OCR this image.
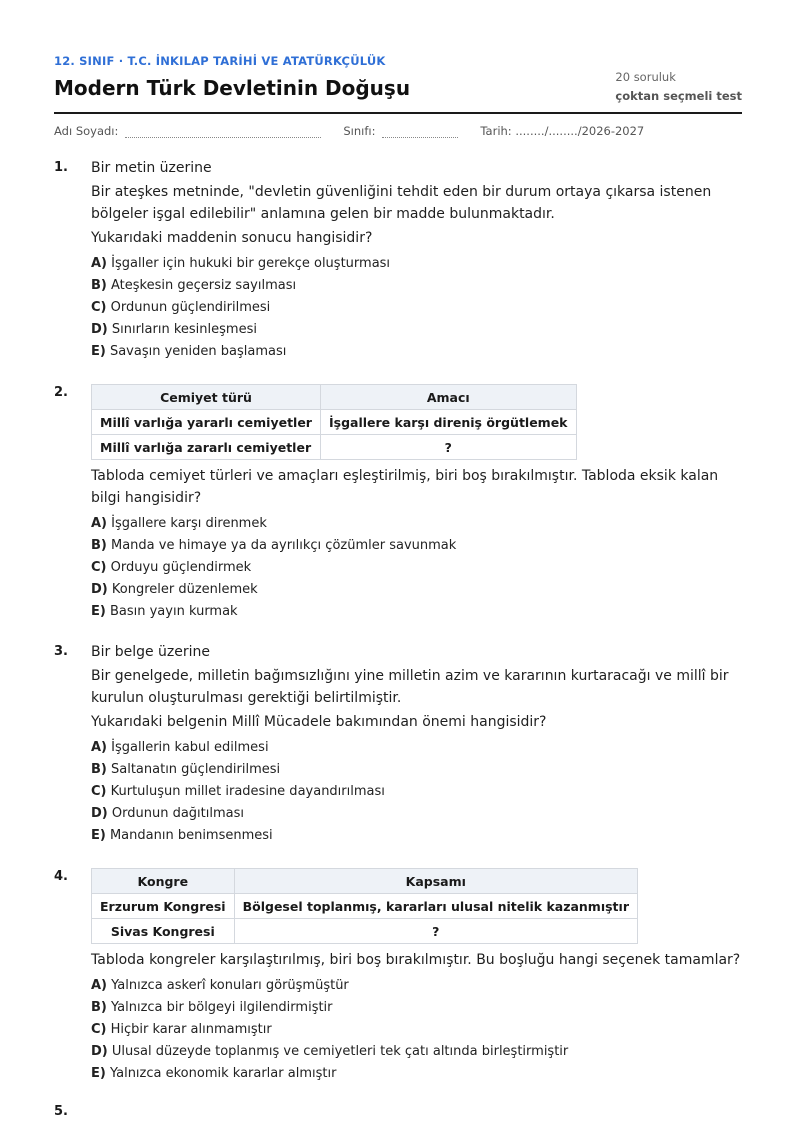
12. SINIF · T.C. İNKILAP TARİHİ VE ATATÜRKÇÜLÜK
Modern Türk Devletinin Doğuşu	20 soruluk
çoktan seçmeli test
Adı Soyadı:	Sınıfı:	Tarih: ......../......../2026-2027
1. Bir metin üzerine
Bir ateşkes metninde, "devletin güvenliğini tehdit eden bir durum ortaya çıkarsa istenen bölgeler işgal edilebilir" anlamına gelen bir madde bulunmaktadır.
Yukarıdaki maddenin sonucu hangisidir?
A) İşgaller için hukuki bir gerekçe oluşturması
B) Ateşkesin geçersiz sayılması
C) Ordunun güçlendirilmesi
D) Sınırların kesinleşmesi
E) Savaşın yeniden başlaması
2.	Cemiyet türü	Amacı
Millî varlığa yararlı cemiyetler	İşgallere karşı direniş örgütlemek
Millî varlığa zararlı cemiyetler	?
Tabloda cemiyet türleri ve amaçları eşleştirilmiş, biri boş bırakılmıştır. Tabloda eksik kalan bilgi hangisidir?
A) İşgallere karşı direnmek
B) Manda ve himaye ya da ayrılıkçı çözümler savunmak
C) Orduyu güçlendirmek
D) Kongreler düzenlemek
E) Basın yayın kurmak
3. Bir belge üzerine
Bir genelgede, milletin bağımsızlığını yine milletin azim ve kararının kurtaracağı ve millî bir kurulun oluşturulması gerektiği belirtilmiştir.
Yukarıdaki belgenin Millî Mücadele bakımından önemi hangisidir?
A) İşgallerin kabul edilmesi
B) Saltanatın güçlendirilmesi
C) Kurtuluşun millet iradesine dayandırılması
D) Ordunun dağıtılması
E) Mandanın benimsenmesi
4.	Kongre	Kapsamı
Erzurum Kongresi	Bölgesel toplanmış, kararları ulusal nitelik kazanmıştır
Sivas Kongresi	?
Tabloda kongreler karşılaştırılmış, biri boş bırakılmıştır. Bu boşluğu hangi seçenek tamamlar?
A) Yalnızca askerî konuları görüşmüştür
B) Yalnızca bir bölgeyi ilgilendirmiştir
C) Hiçbir karar alınmamıştır
D) Ulusal düzeyde toplanmış ve cemiyetleri tek çatı altında birleştirmiştir
E) Yalnızca ekonomik kararlar almıştır
5.
